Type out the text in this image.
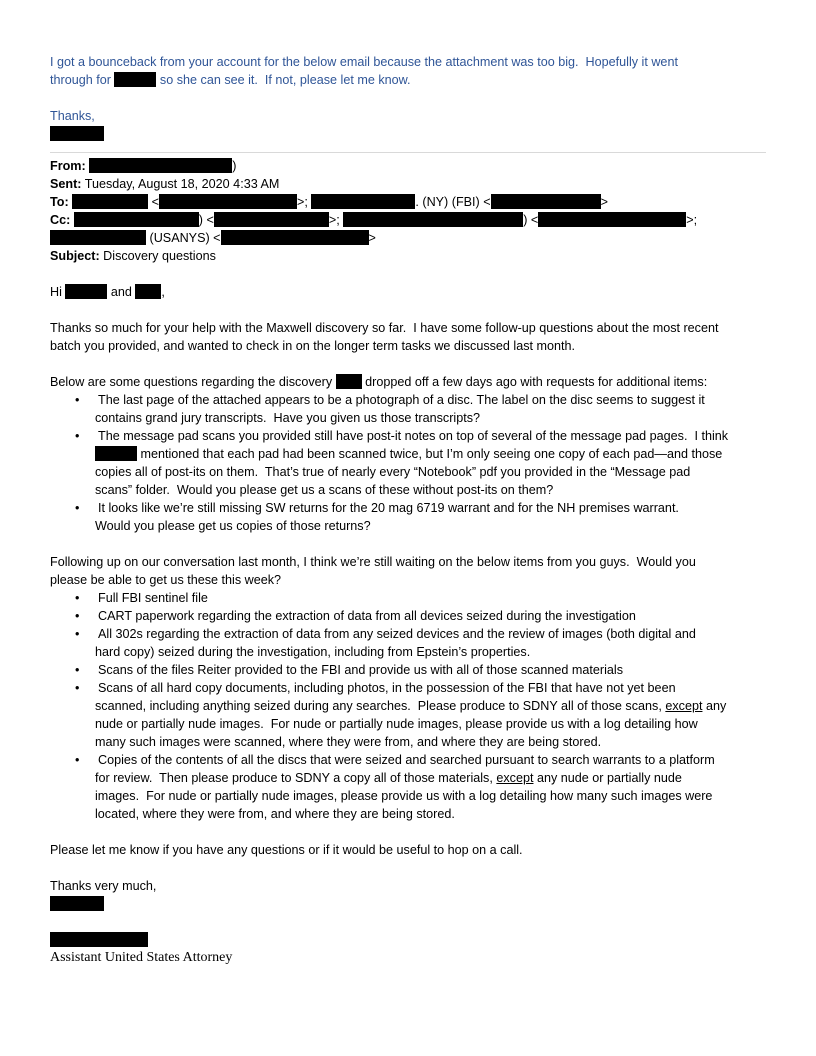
I got a bounceback from your account for the below email because the attachment was too big.  Hopefully it went
through for	so she can see it.  If not, please let me know.
Thanks,
From:	)
Sent: Tuesday, August 18, 2020 4:33 AM
To:	<	>;	. (NY) (FBI) <	>
Cc:	) <	>;	) <	>;
(USANYS) <	>
Subject: Discovery questions
Hi	and ,
Thanks so much for your help with the Maxwell discovery so far.  I have some follow-up questions about the most recent
batch you provided, and wanted to check in on the longer term tasks we discussed last month.
Below are some questions regarding the discovery  dropped off a few days ago with requests for additional items:
• The last page of the attached appears to be a photograph of a disc. The label on the disc seems to suggest it
contains grand jury transcripts.  Have you given us those transcripts?
• The message pad scans you provided still have post-it notes on top of several of the message pad pages.  I think
mentioned that each pad had been scanned twice, but I’m only seeing one copy of each pad—and those
copies all of post-its on them.  That’s true of nearly every “Notebook” pdf you provided in the “Message pad
scans” folder.  Would you please get us a scans of these without post-its on them?
• It looks like we’re still missing SW returns for the 20 mag 6719 warrant and for the NH premises warrant.
Would you please get us copies of those returns?
Following up on our conversation last month, I think we’re still waiting on the below items from you guys.  Would you
please be able to get us these this week?
• Full FBI sentinel file
• CART paperwork regarding the extraction of data from all devices seized during the investigation
• All 302s regarding the extraction of data from any seized devices and the review of images (both digital and
hard copy) seized during the investigation, including from Epstein’s properties.
• Scans of the files Reiter provided to the FBI and provide us with all of those scanned materials
• Scans of all hard copy documents, including photos, in the possession of the FBI that have not yet been
scanned, including anything seized during any searches.  Please produce to SDNY all of those scans, except any
nude or partially nude images.  For nude or partially nude images, please provide us with a log detailing how
many such images were scanned, where they were from, and where they are being stored.
• Copies of the contents of all the discs that were seized and searched pursuant to search warrants to a platform
for review.  Then please produce to SDNY a copy all of those materials, except any nude or partially nude
images.  For nude or partially nude images, please provide us with a log detailing how many such images were
located, where they were from, and where they are being stored.
Please let me know if you have any questions or if it would be useful to hop on a call.
Thanks very much,
Assistant United States Attorney
